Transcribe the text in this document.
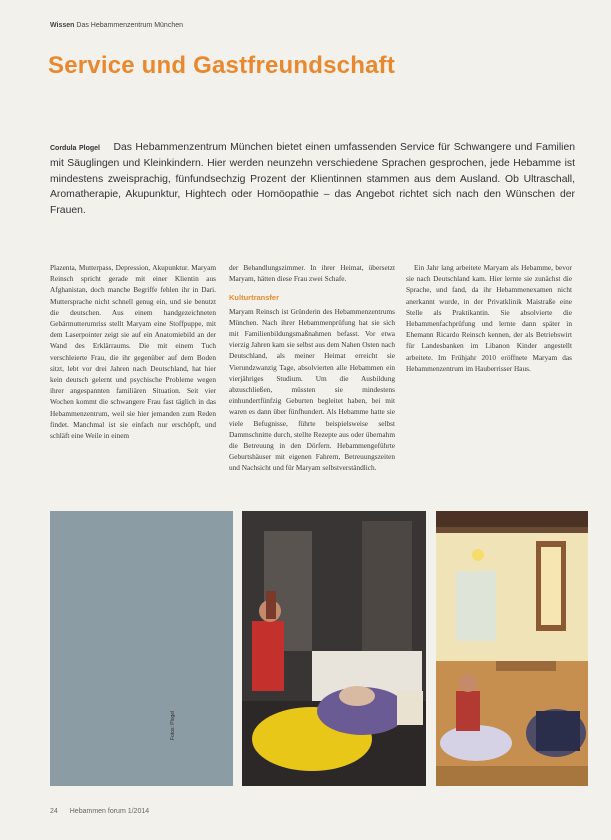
Wissen Das Hebammenzentrum München
Service und Gastfreundschaft
Cordula Plogel Das Hebammenzentrum München bietet einen umfassenden Service für Schwangere und Familien mit Säuglingen und Kleinkindern. Hier werden neunzehn verschiedene Sprachen gesprochen, jede Hebamme ist mindestens zweisprachig, fünfundsechzig Prozent der Klientinnen stammen aus dem Ausland. Ob Ultraschall, Aromatherapie, Akupunktur, Hightech oder Homöopathie – das Angebot richtet sich nach den Wünschen der Frauen.

Plazenta, Mutterpass, Depression, Akupunktur. Maryam Reinsch spricht gerade mit einer Klientin aus Afghanistan, doch manche Begriffe fehlen ihr in Dari. Muttersprache nicht schnell genug ein, und sie benutzt die deutschen. Aus einem handgezeichneten Gebärmutterumriss stellt Maryam eine Stoffpuppe, mit dem Laserpointer zeigt sie auf ein Anatomiebild an der Wand des Erklärraums. Die mit einem Tuch verschleierte Frau, die ihr gegenüber auf dem Boden sitzt, lebt vor drei Jahren nach Deutschland, hat hier kein deutsch gelernt und psychische Probleme wegen ihrer angespannten familiären Situation. Seit vier Wochen kommt die schwangere Frau fast täglich in das Hebammenzentrum, weil sie hier jemanden zum Reden findet. Manchmal ist sie einfach nur erschöpft, und schläft eine Weile in einem

der Behandlungszimmer. In ihrer Heimat, übersetzt Maryam, hätten diese Frau zwei Schafe.

Kulturtransfer

Maryam Reinsch ist Gründerin des Hebammenzentrums München. Nach ihrer Hebammenprüfung hat sie sich mit Familienbildungsmaßnahmen befasst. Vor etwa vierzig Jahren kam sie selbst aus dem Nahen Osten nach Deutschland, als meiner Heimat erreicht sie Vierundzwanzig Tage, absolvierten alle Hebammen ein vierjähriges Studium. Um die Ausbildung abzuschließen, müssten sie mindestens einhundertfünfzig Geburten begleitet haben, bei mit waren es dann über fünfhundert. Als Hebamme hatte sie viele Befugnisse, führte beispielsweise selbst Dammschnitte durch, stellte Rezepte aus oder übernahm die Betreuung in den Dörfern. Hebammengeführte Geburtshäuser mit eigenen Fahrern, Betreuungszeiten und Nachsicht und für Maryam selbstverständlich.

Ein Jahr lang arbeitete Maryam als Hebamme, bevor sie nach Deutschland kam. Hier lernte sie zunächst die Sprache, und fand, da ihr Hebammenexamen nicht anerkannt wurde, in der Privatklinik Maistraße eine Stelle als Praktikantin. Sie absolvierte die Hebammenfachprüfung und lernte dann später in Ehemann Ricardo Reinsch kennen, der als Betriebswirt für Landesbanken im Libanon Kinder angestellt arbeitete. Im Frühjahr 2010 eröffnete Maryam das Hebammenzentrum im Hauberrisser Haus.

Fotos: Plogel
24 Hebammen forum 1/2014
